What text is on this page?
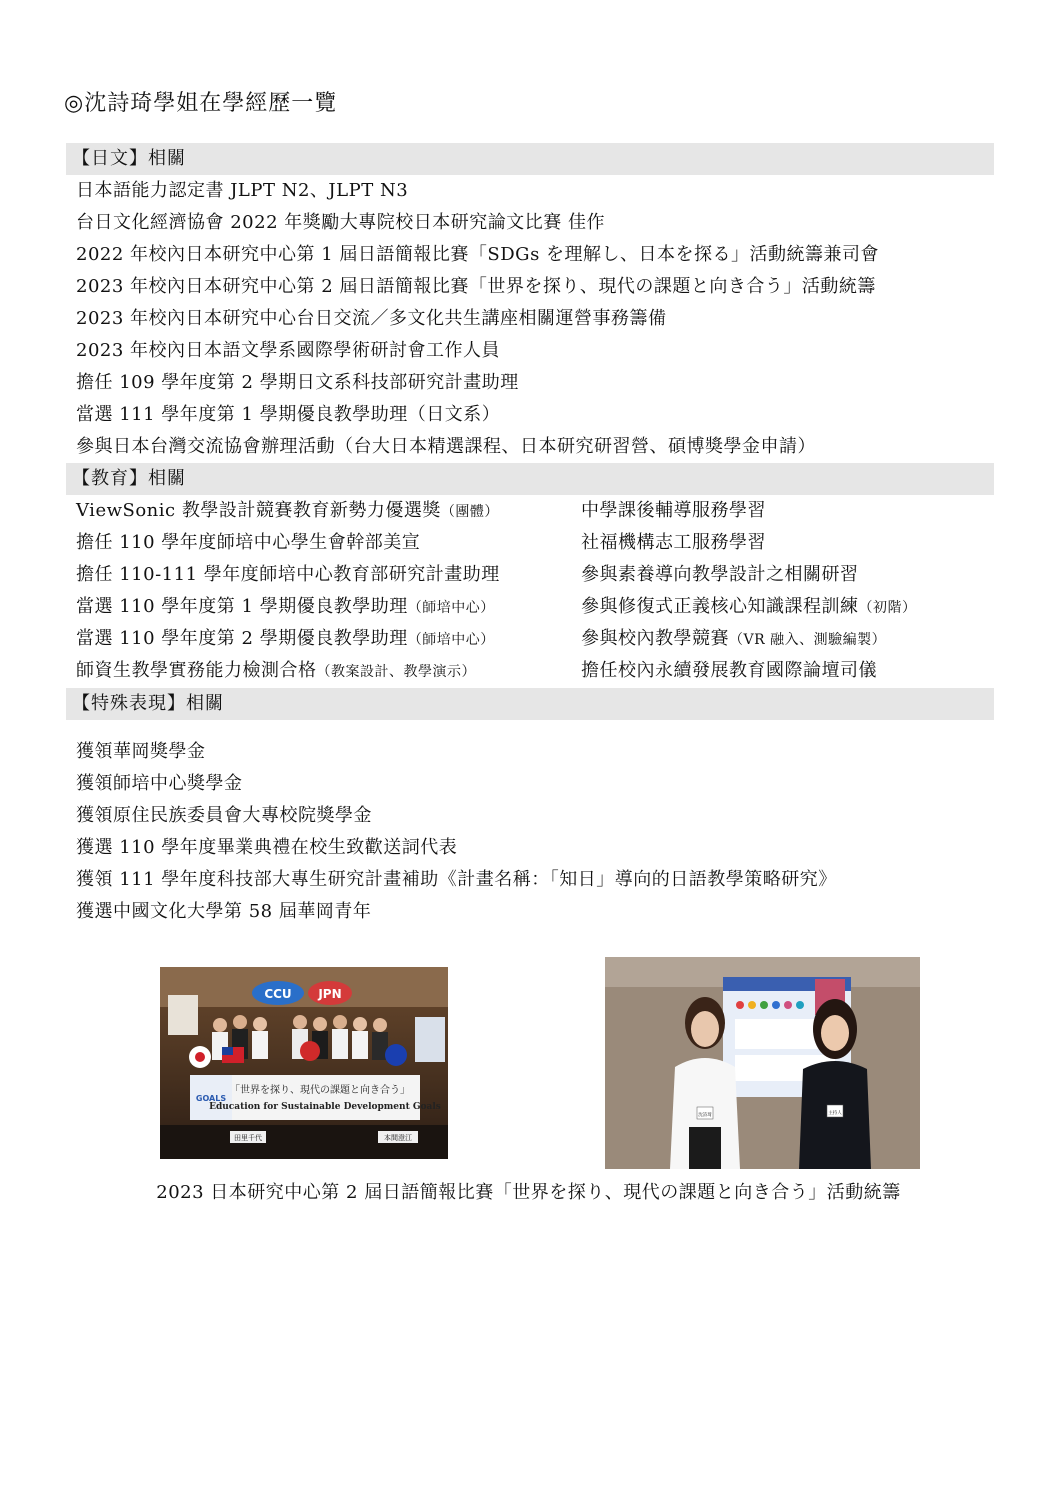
◎沈詩琦學姐在學經歷一覽
【日文】相關
日本語能力認定書 JLPT N2、JLPT N3
台日文化經濟協會 2022 年獎勵大專院校日本研究論文比賽 佳作
2022 年校內日本研究中心第 1 屆日語簡報比賽「SDGs を理解し、日本を探る」活動統籌兼司會
2023 年校內日本研究中心第 2 屆日語簡報比賽「世界を探り、現代の課題と向き合う」活動統籌
2023 年校內日本研究中心台日交流／多文化共生講座相關運營事務籌備
2023 年校內日本語文學系國際學術研討會工作人員
擔任 109 學年度第 2 學期日文系科技部研究計畫助理
當選 111 學年度第 1 學期優良教學助理（日文系）
參與日本台灣交流協會辦理活動（台大日本精選課程、日本研究研習營、碩博獎學金申請）
【教育】相關
ViewSonic 教學設計競賽教育新勢力優選獎（團體）	中學課後輔導服務學習
擔任 110 學年度師培中心學生會幹部美宣	社福機構志工服務學習
擔任 110-111 學年度師培中心教育部研究計畫助理	參與素養導向教學設計之相關研習
當選 110 學年度第 1 學期優良教學助理（師培中心）	參與修復式正義核心知識課程訓練（初階）
當選 110 學年度第 2 學期優良教學助理（師培中心）	參與校內教學競賽（VR 融入、測驗編製）
師資生教學實務能力檢測合格（教案設計、教學演示）	擔任校內永續發展教育國際論壇司儀
【特殊表現】相關
獲領華岡獎學金
獲領師培中心獎學金
獲領原住民族委員會大專校院獎學金
獲選 110 學年度畢業典禮在校生致歡送詞代表
獲領 111 學年度科技部大專生研究計畫補助《計畫名稱：「知日」導向的日語教學策略研究》
獲選中國文化大學第 58 屆華岡青年
CCU JPN
GOALS
「世界を探り、現代の課題と向き合う」
Education for Sustainable Development Goals
田里千代	本間澄江
沈詩琦	主持人
2023 日本研究中心第 2 屆日語簡報比賽「世界を探り、現代の課題と向き合う」活動統籌
